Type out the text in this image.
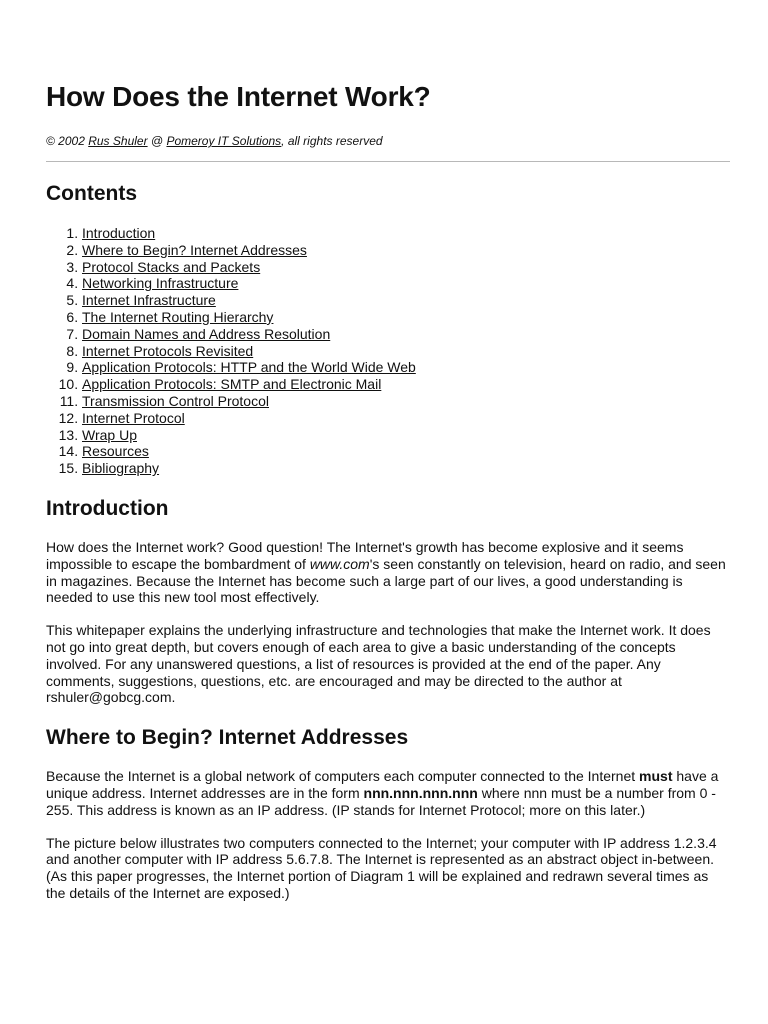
How Does the Internet Work?
© 2002 Rus Shuler @ Pomeroy IT Solutions, all rights reserved
Contents
1. Introduction
2. Where to Begin? Internet Addresses
3. Protocol Stacks and Packets
4. Networking Infrastructure
5. Internet Infrastructure
6. The Internet Routing Hierarchy
7. Domain Names and Address Resolution
8. Internet Protocols Revisited
9. Application Protocols: HTTP and the World Wide Web
10. Application Protocols: SMTP and Electronic Mail
11. Transmission Control Protocol
12. Internet Protocol
13. Wrap Up
14. Resources
15. Bibliography
Introduction

How does the Internet work? Good question! The Internet's growth has become explosive and it seems impossible to escape the bombardment of www.com's seen constantly on television, heard on radio, and seen in magazines. Because the Internet has become such a large part of our lives, a good understanding is needed to use this new tool most effectively.

This whitepaper explains the underlying infrastructure and technologies that make the Internet work. It does not go into great depth, but covers enough of each area to give a basic understanding of the concepts involved. For any unanswered questions, a list of resources is provided at the end of the paper. Any comments, suggestions, questions, etc. are encouraged and may be directed to the author at rshuler@gobcg.com.

Where to Begin? Internet Addresses

Because the Internet is a global network of computers each computer connected to the Internet must have a unique address. Internet addresses are in the form nnn.nnn.nnn.nnn where nnn must be a number from 0 - 255. This address is known as an IP address. (IP stands for Internet Protocol; more on this later.)

The picture below illustrates two computers connected to the Internet; your computer with IP address 1.2.3.4 and another computer with IP address 5.6.7.8. The Internet is represented as an abstract object in-between. (As this paper progresses, the Internet portion of Diagram 1 will be explained and redrawn several times as the details of the Internet are exposed.)
